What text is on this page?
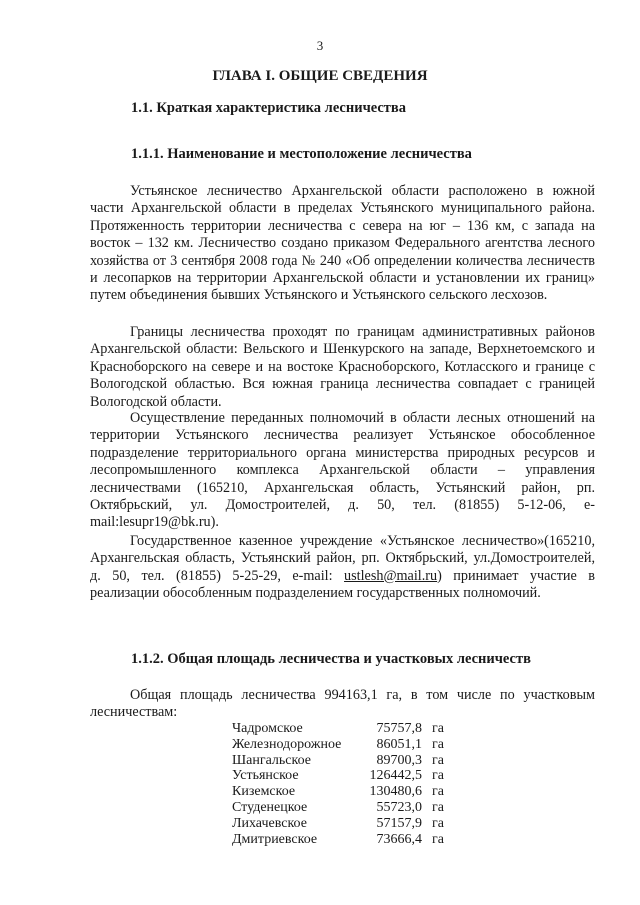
3
ГЛАВА I. ОБЩИЕ СВЕДЕНИЯ
1.1. Краткая характеристика лесничества
1.1.1. Наименование и местоположение лесничества

Устьянское лесничество Архангельской области расположено в южной части Архангельской области в пределах Устьянского муниципального района. Протяженность территории лесничества с севера на юг – 136 км, с запада на восток – 132 км. Лесничество создано приказом Федерального агентства лесного хозяйства от 3 сентября 2008 года № 240 «Об определении количества лесничеств и лесопарков на территории Архангельской области и установлении их границ» путем объединения бывших Устьянского и Устьянского сельского лесхозов.

Границы лесничества проходят по границам административных районов Архангельской области: Вельского и Шенкурского на западе, Верхнетоемского и Красноборского на севере и на востоке Красноборского, Котласского и границе с Вологодской областью. Вся южная граница лесничества совпадает с границей Вологодской области.

Осуществление переданных полномочий в области лесных отношений на территории Устьянского лесничества реализует Устьянское обособленное подразделение территориального органа министерства природных ресурсов и лесопромышленного комплекса Архангельской области – управления лесничествами (165210, Архангельская область, Устьянский район, рп. Октябрьский, ул. Домостроителей, д. 50, тел. (81855) 5-12-06, e-mail:lesupr19@bk.ru).

Государственное казенное учреждение «Устьянское лесничество»(165210, Архангельская область, Устьянский район, рп. Октябрьский, ул.Домостроителей, д. 50, тел. (81855) 5-25-29, e-mail: ustlesh@mail.ru) принимает участие в реализации обособленным подразделением государственных полномочий.

1.1.2. Общая площадь лесничества и участковых лесничеств

Общая площадь лесничества 994163,1 га, в том числе по участковым лесничествам:

Чадромское	75757,8	га
Железнодорожное	86051,1	га
Шангальское	89700,3	га
Устьянское	126442,5	га
Киземское	130480,6	га
Студенецкое	55723,0	га
Лихачевское	57157,9	га
Дмитриевское	73666,4	га
